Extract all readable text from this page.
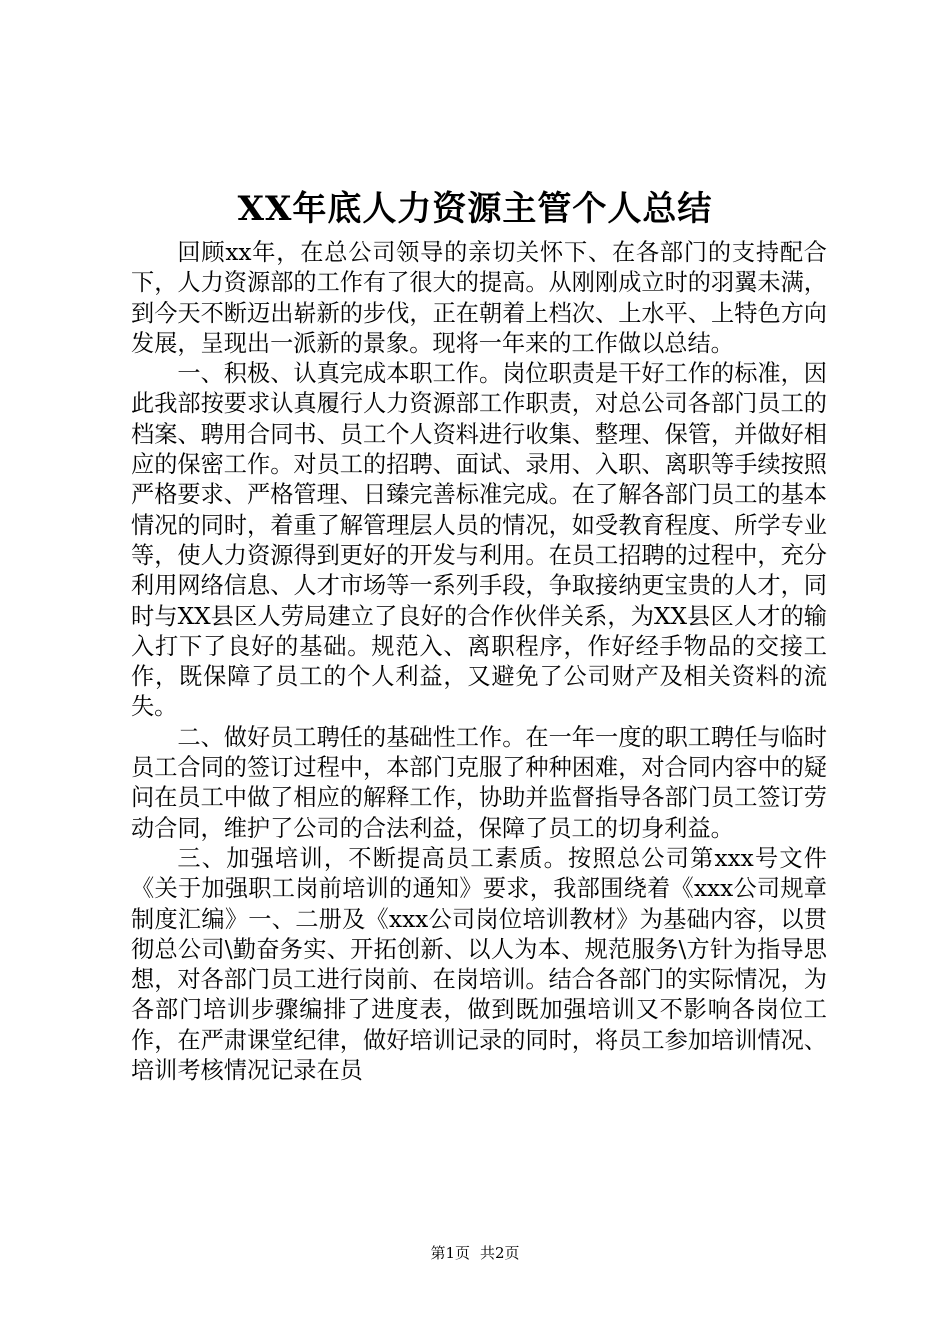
XX年底人力资源主管个人总结

回顾xx年，在总公司领导的亲切关怀下、在各部门的支持配合下，人力资源部的工作有了很大的提高。从刚刚成立时的羽翼未满，到今天不断迈出崭新的步伐，正在朝着上档次、上水平、上特色方向发展，呈现出一派新的景象。现将一年来的工作做以总结。

一、积极、认真完成本职工作。岗位职责是干好工作的标准，因此我部按要求认真履行人力资源部工作职责，对总公司各部门员工的档案、聘用合同书、员工个人资料进行收集、整理、保管，并做好相应的保密工作。对员工的招聘、面试、录用、入职、离职等手续按照严格要求、严格管理、日臻完善标准完成。在了解各部门员工的基本情况的同时，着重了解管理层人员的情况，如受教育程度、所学专业等，使人力资源得到更好的开发与利用。在员工招聘的过程中，充分利用网络信息、人才市场等一系列手段，争取接纳更宝贵的人才，同时与XX县区人劳局建立了良好的合作伙伴关系，为XX县区人才的输入打下了良好的基础。规范入、离职程序，作好经手物品的交接工作，既保障了员工的个人利益，又避免了公司财产及相关资料的流失。

二、做好员工聘任的基础性工作。在一年一度的职工聘任与临时员工合同的签订过程中，本部门克服了种种困难，对合同内容中的疑问在员工中做了相应的解释工作，协助并监督指导各部门员工签订劳动合同，维护了公司的合法利益，保障了员工的切身利益。

三、加强培训，不断提高员工素质。按照总公司第xxx号文件《关于加强职工岗前培训的通知》要求，我部围绕着《xxx公司规章制度汇编》一、二册及《xxx公司岗位培训教材》为基础内容，以贯彻总公司\勤奋务实、开拓创新、以人为本、规范服务\方针为指导思想，对各部门员工进行岗前、在岗培训。结合各部门的实际情况，为各部门培训步骤编排了进度表，做到既加强培训又不影响各岗位工作，在严肃课堂纪律，做好培训记录的同时，将员工参加培训情况、培训考核情况记录在员

第1页 共2页
